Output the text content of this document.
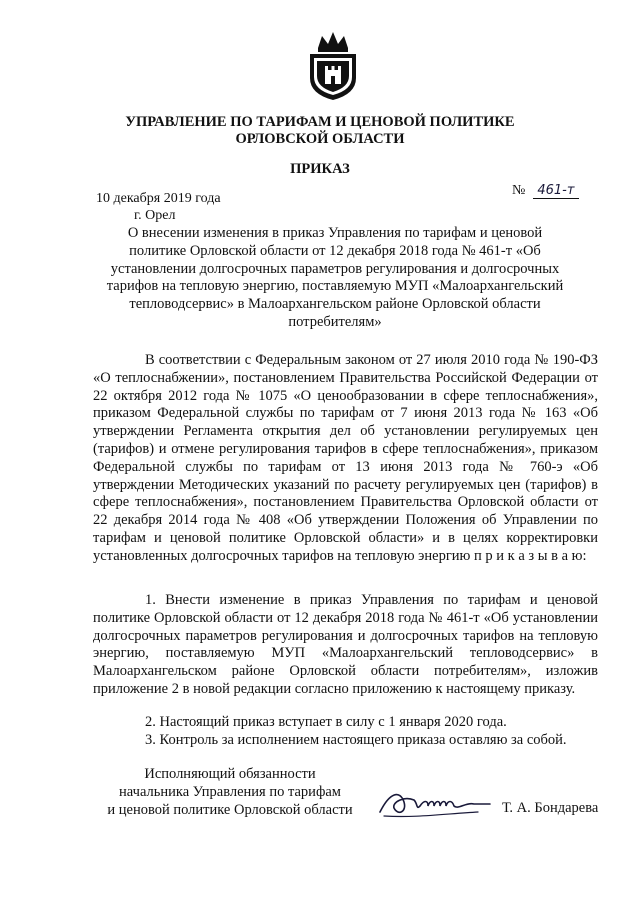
УПРАВЛЕНИЕ ПО ТАРИФАМ И ЦЕНОВОЙ ПОЛИТИКЕ
ОРЛОВСКОЙ ОБЛАСТИ
ПРИКАЗ
10 декабря 2019 года
г. Орел
№ 461-т
О внесении изменения в приказ Управления по тарифам и ценовой политике Орловской области от 12 декабря 2018 года № 461-т «Об установлении долгосрочных параметров регулирования и долгосрочных тарифов на тепловую энергию, поставляемую МУП «Малоархангельский тепловодсервис» в Малоархангельском районе Орловской области потребителям»

В соответствии с Федеральным законом от 27 июля 2010 года № 190-ФЗ «О теплоснабжении», постановлением Правительства Российской Федерации от 22 октября 2012 года № 1075 «О ценообразовании в сфере теплоснабжения», приказом Федеральной службы по тарифам от 7 июня 2013 года № 163 «Об утверждении Регламента открытия дел об установлении регулируемых цен (тарифов) и отмене регулирования тарифов в сфере теплоснабжения», приказом Федеральной службы по тарифам от 13 июня 2013 года № 760-э «Об утверждении Методических указаний по расчету регулируемых цен (тарифов) в сфере теплоснабжения», постановлением Правительства Орловской области от 22 декабря 2014 года № 408 «Об утверждении Положения об Управлении по тарифам и ценовой политике Орловской области» и в целях корректировки установленных долгосрочных тарифов на тепловую энергию п р и к а з ы в а ю:

1. Внести изменение в приказ Управления по тарифам и ценовой политике Орловской области от 12 декабря 2018 года № 461-т «Об установлении долгосрочных параметров регулирования и долгосрочных тарифов на тепловую энергию, поставляемую МУП «Малоархангельский тепловодсервис» в Малоархангельском районе Орловской области потребителям», изложив приложение 2 в новой редакции согласно приложению к настоящему приказу.

2. Настоящий приказ вступает в силу с 1 января 2020 года.

3. Контроль за исполнением настоящего приказа оставляю за собой.

Исполняющий обязанности
начальника Управления по тарифам
и ценовой политике Орловской области	Т. А. Бондарева
